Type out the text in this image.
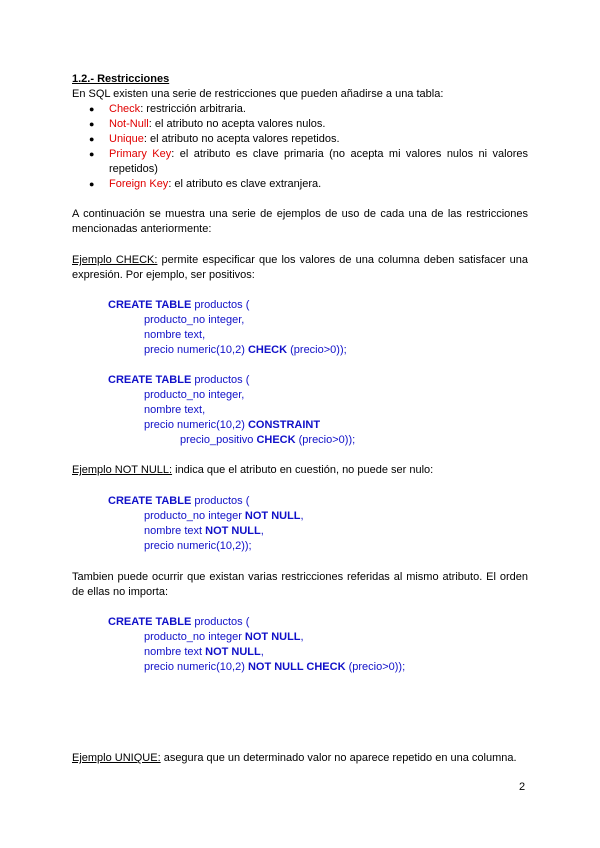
1.2.- Restricciones
En SQL existen una serie de restricciones que pueden añadirse a una tabla:
● Check: restricción arbitraria.
● Not-Null: el atributo no acepta valores nulos.
● Unique: el atributo no acepta valores repetidos.
● Primary Key: el atributo es clave primaria (no acepta mi valores nulos ni valores repetidos)
● Foreign Key: el atributo es clave extranjera.
A continuación se muestra una serie de ejemplos de uso de cada una de las restricciones mencionadas anteriormente:
Ejemplo CHECK: permite especificar que los valores de una columna deben satisfacer una expresión. Por ejemplo, ser positivos:
CREATE TABLE productos (
producto_no integer,
nombre text,
precio numeric(10,2) CHECK (precio>0));
CREATE TABLE productos (
producto_no integer,
nombre text,
precio numeric(10,2) CONSTRAINT
precio_positivo CHECK (precio>0));
Ejemplo NOT NULL: indica que el atributo en cuestión, no puede ser nulo:
CREATE TABLE productos (
producto_no integer NOT NULL,
nombre text NOT NULL,
precio numeric(10,2));
Tambien puede ocurrir que existan varias restricciones referidas al mismo atributo. El orden de ellas no importa:
CREATE TABLE productos (
producto_no integer NOT NULL,
nombre text NOT NULL,
precio numeric(10,2) NOT NULL CHECK (precio>0));
Ejemplo UNIQUE: asegura que un determinado valor no aparece repetido en una columna.
2
